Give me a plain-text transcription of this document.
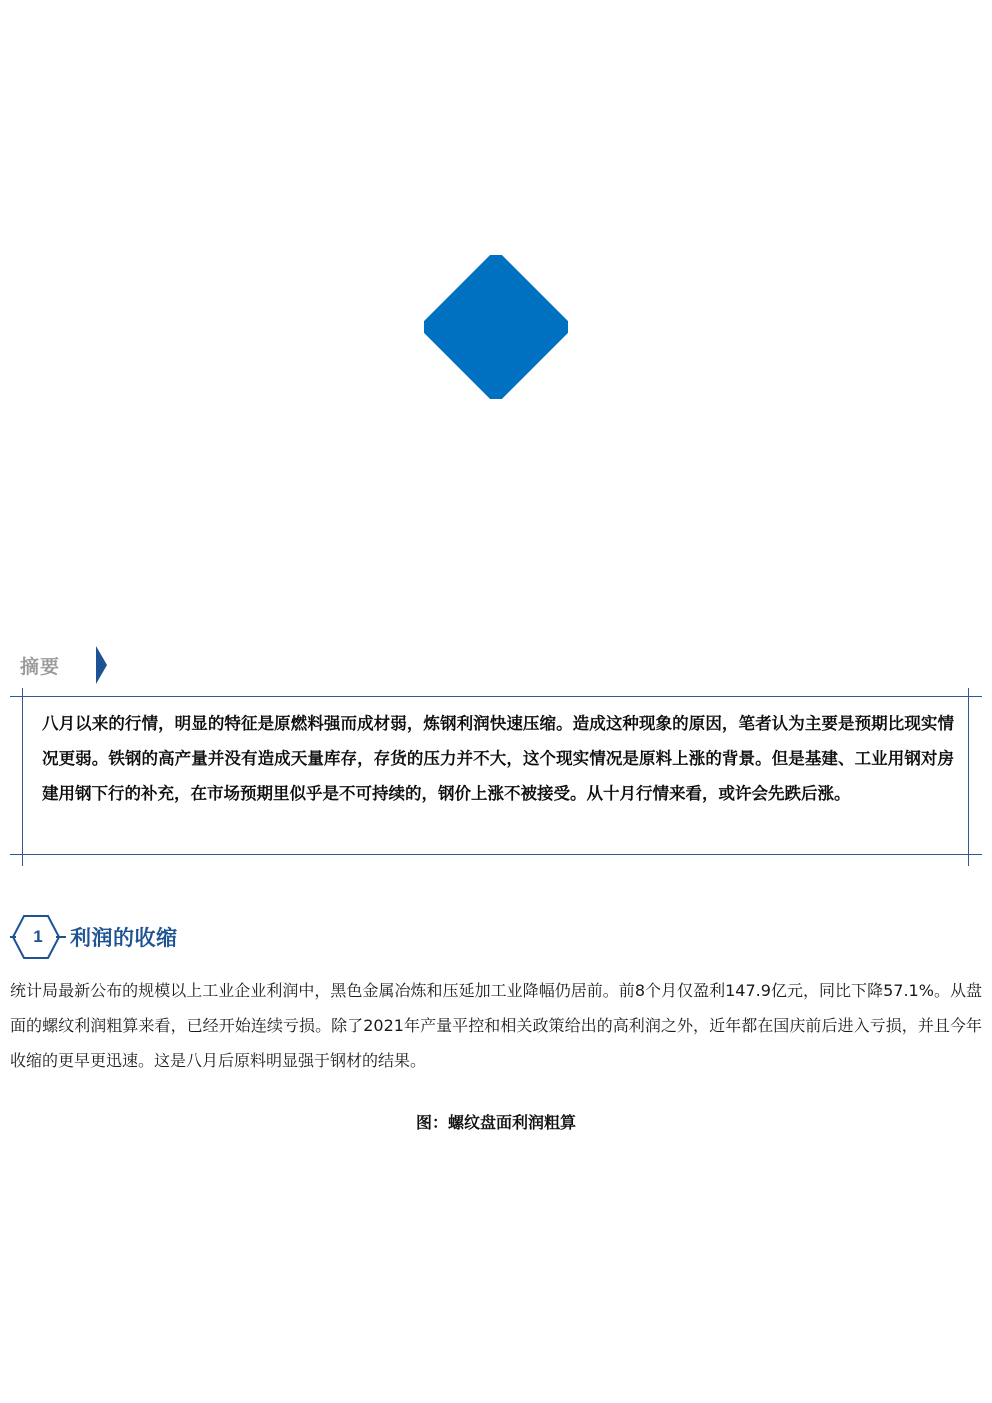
摘要

八月以来的行情，明显的特征是原燃料强而成材弱，炼钢利润快速压缩。造成这种现象的原因，笔者认为主要是预期比现实情况更弱。铁钢的高产量并没有造成天量库存，存货的压力并不大，这个现实情况是原料上涨的背景。但是基建、工业用钢对房建用钢下行的补充，在市场预期里似乎是不可持续的，钢价上涨不被接受。从十月行情来看，或许会先跌后涨。

1	利润的收缩

统计局最新公布的规模以上工业企业利润中，黑色金属冶炼和压延加工业降幅仍居前。前8个月仅盈利147.9亿元，同比下降57.1%。从盘面的螺纹利润粗算来看，已经开始连续亏损。除了2021年产量平控和相关政策给出的高利润之外，近年都在国庆前后进入亏损，并且今年收缩的更早更迅速。这是八月后原料明显强于钢材的结果。

图：螺纹盘面利润粗算
